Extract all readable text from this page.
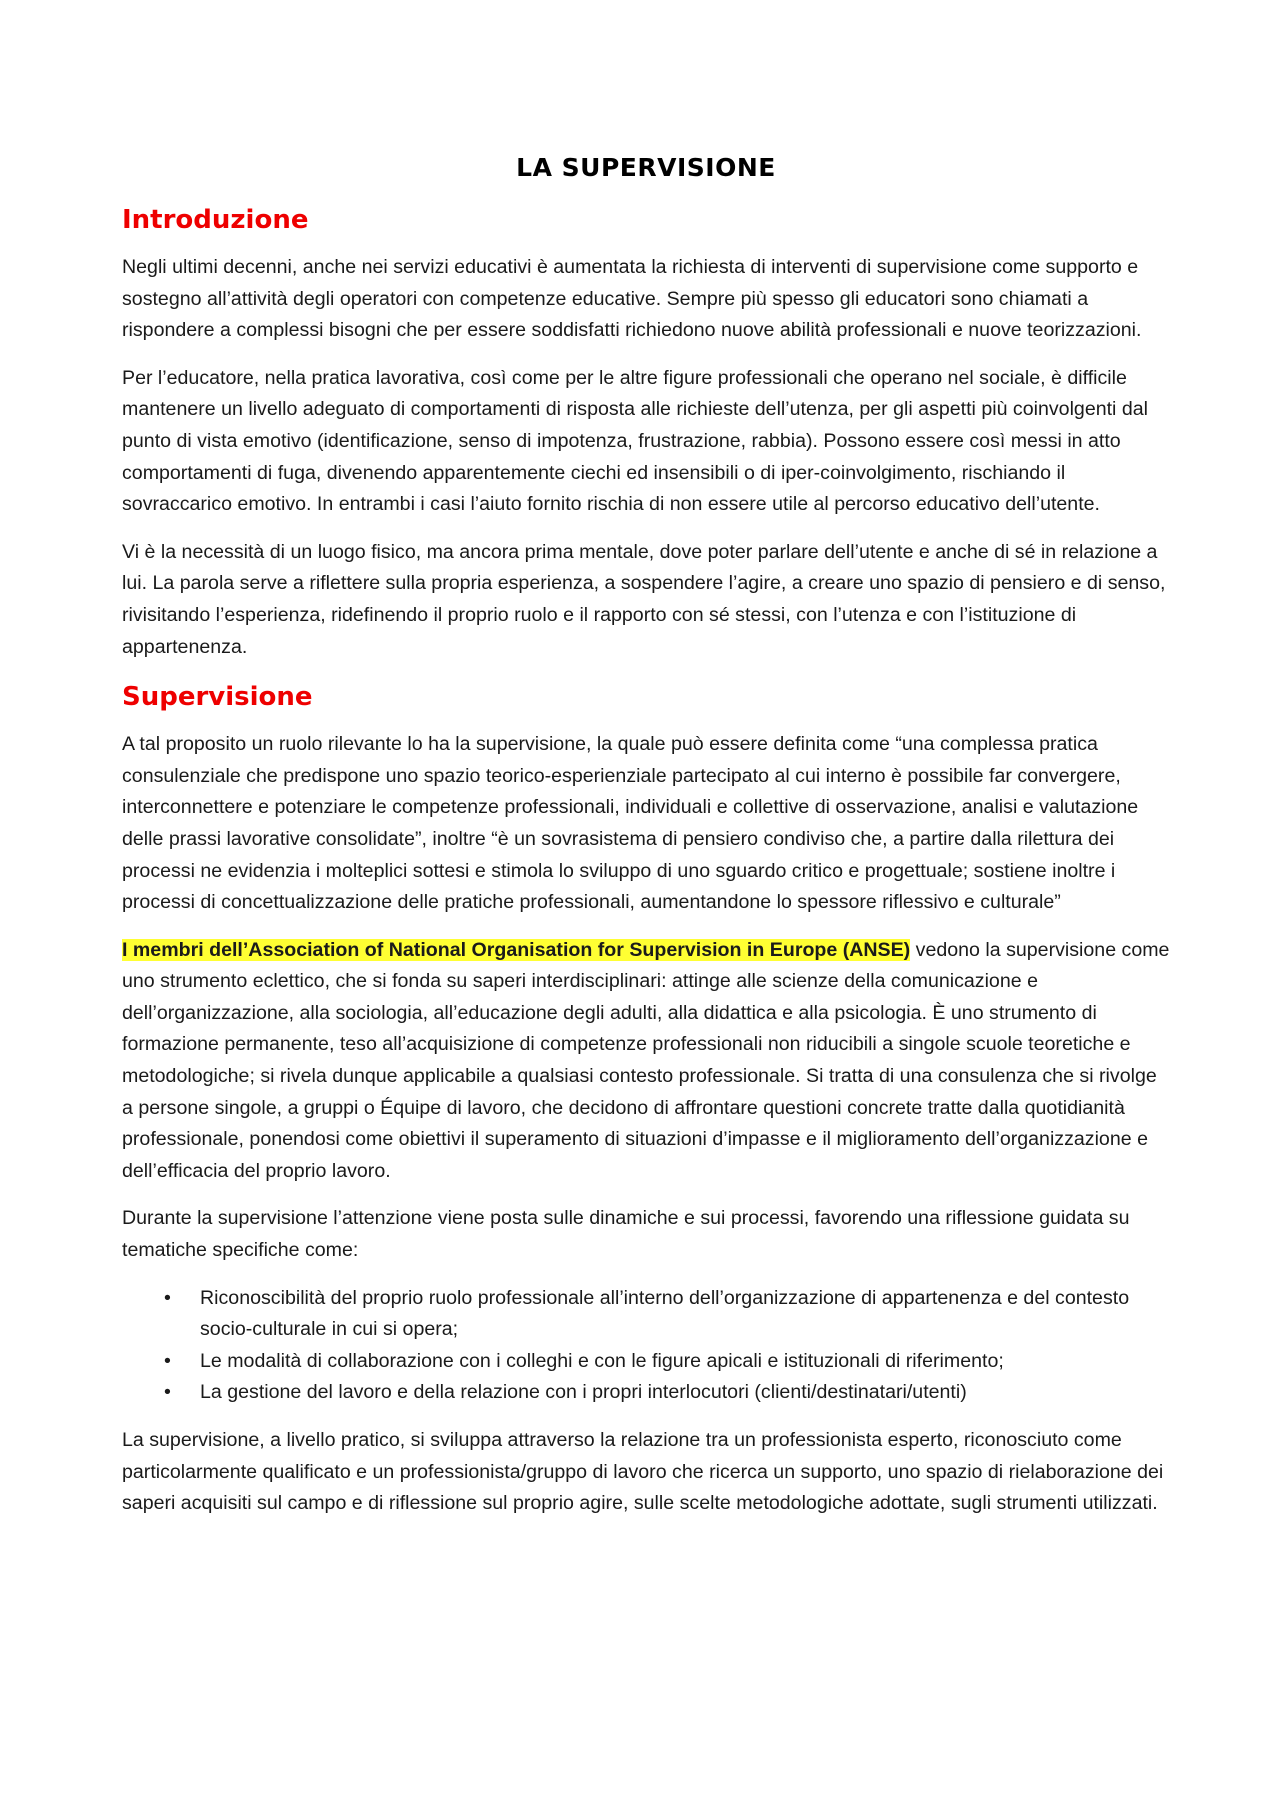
LA SUPERVISIONE
Introduzione

Negli ultimi decenni, anche nei servizi educativi è aumentata la richiesta di interventi di supervisione come supporto e sostegno all’attività degli operatori con competenze educative. Sempre più spesso gli educatori sono chiamati a rispondere a complessi bisogni che per essere soddisfatti richiedono nuove abilità professionali e nuove teorizzazioni.

Per l’educatore, nella pratica lavorativa, così come per le altre figure professionali che operano nel sociale, è difficile mantenere un livello adeguato di comportamenti di risposta alle richieste dell’utenza, per gli aspetti più coinvolgenti dal punto di vista emotivo (identificazione, senso di impotenza, frustrazione, rabbia). Possono essere così messi in atto comportamenti di fuga, divenendo apparentemente ciechi ed insensibili o di iper-coinvolgimento, rischiando il sovraccarico emotivo. In entrambi i casi l’aiuto fornito rischia di non essere utile al percorso educativo dell’utente.

Vi è la necessità di un luogo fisico, ma ancora prima mentale, dove poter parlare dell’utente e anche di sé in relazione a lui. La parola serve a riflettere sulla propria esperienza, a sospendere l’agire, a creare uno spazio di pensiero e di senso, rivisitando l’esperienza, ridefinendo il proprio ruolo e il rapporto con sé stessi, con l’utenza e con l’istituzione di appartenenza.

Supervisione

A tal proposito un ruolo rilevante lo ha la supervisione, la quale può essere definita come “una complessa pratica consulenziale che predispone uno spazio teorico-esperienziale partecipato al cui interno è possibile far convergere, interconnettere e potenziare le competenze professionali, individuali e collettive di osservazione, analisi e valutazione delle prassi lavorative consolidate”, inoltre “è un sovrasistema di pensiero condiviso che, a partire dalla rilettura dei processi ne evidenzia i molteplici sottesi e stimola lo sviluppo di uno sguardo critico e progettuale; sostiene inoltre i processi di concettualizzazione delle pratiche professionali, aumentandone lo spessore riflessivo e culturale”

I membri dell’Association of National Organisation for Supervision in Europe (ANSE) vedono la supervisione come uno strumento eclettico, che si fonda su saperi interdisciplinari: attinge alle scienze della comunicazione e dell’organizzazione, alla sociologia, all’educazione degli adulti, alla didattica e alla psicologia. È uno strumento di formazione permanente, teso all’acquisizione di competenze professionali non riducibili a singole scuole teoretiche e metodologiche; si rivela dunque applicabile a qualsiasi contesto professionale. Si tratta di una consulenza che si rivolge a persone singole, a gruppi o Équipe di lavoro, che decidono di affrontare questioni concrete tratte dalla quotidianità professionale, ponendosi come obiettivi il superamento di situazioni d’impasse e il miglioramento dell’organizzazione e dell’efficacia del proprio lavoro.

Durante la supervisione l’attenzione viene posta sulle dinamiche e sui processi, favorendo una riflessione guidata su tematiche specifiche come:

• Riconoscibilità del proprio ruolo professionale all’interno dell’organizzazione di appartenenza e del contesto socio-culturale in cui si opera;
• Le modalità di collaborazione con i colleghi e con le figure apicali e istituzionali di riferimento;
• La gestione del lavoro e della relazione con i propri interlocutori (clienti/destinatari/utenti)

La supervisione, a livello pratico, si sviluppa attraverso la relazione tra un professionista esperto, riconosciuto come particolarmente qualificato e un professionista/gruppo di lavoro che ricerca un supporto, uno spazio di rielaborazione dei saperi acquisiti sul campo e di riflessione sul proprio agire, sulle scelte metodologiche adottate, sugli strumenti utilizzati.
